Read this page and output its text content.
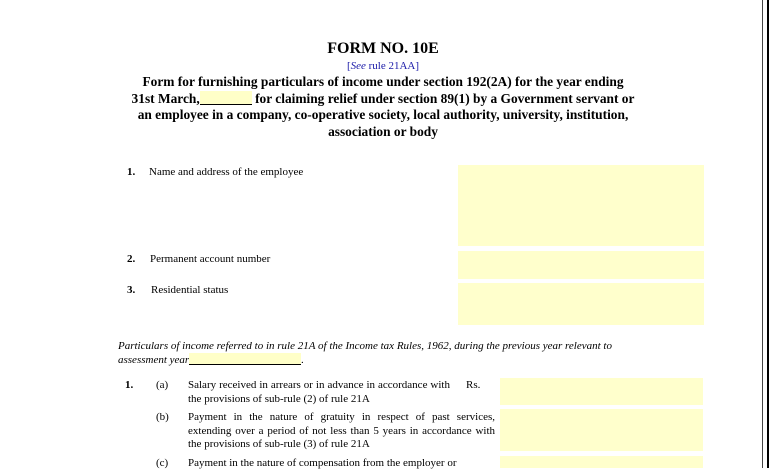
FORM NO. 10E
[See rule 21AA]
Form for furnishing particulars of income under section 192(2A) for the year ending 31st March,	for claiming relief under section 89(1) by a Government servant or an employee in a company, co-operative society, local authority, university, institution, association or body
1. Name and address of the employee
2. Permanent account number
3. Residential status
Particulars of income referred to in rule 21A of the Income tax Rules, 1962, during the previous year relevant to assessment year	.
1. (a) Salary received in arrears or in advance in accordance with the provisions of sub-rule (2) of rule 21A
Rs.
(b) Payment in the nature of gratuity in respect of past services, extending over a period of not less than 5 years in accordance with the provisions of sub-rule (3) of rule 21A
(c) Payment in the nature of compensation from the employer or
